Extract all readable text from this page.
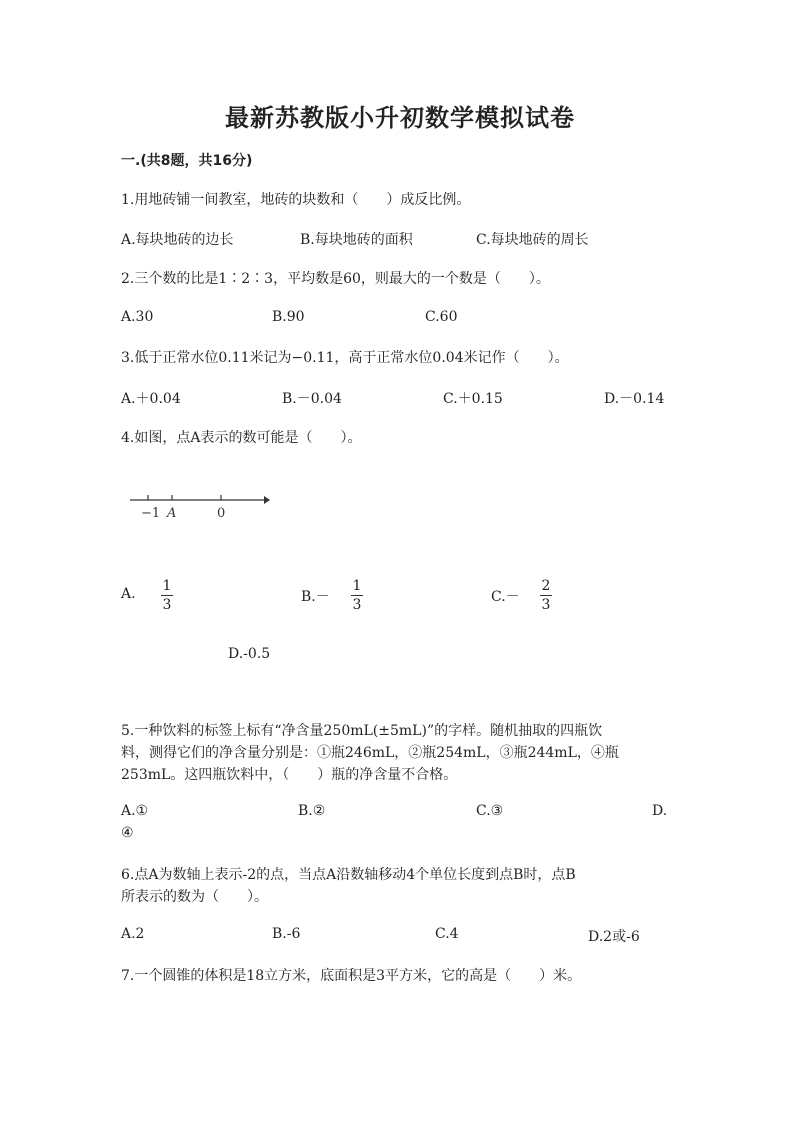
最新苏教版小升初数学模拟试卷
一.(共8题，共16分)
1.用地砖铺一间教室，地砖的块数和（　　）成反比例。
A.每块地砖的边长	B.每块地砖的面积	C.每块地砖的周长
2.三个数的比是1∶2∶3，平均数是60，则最大的一个数是（　　）。
A.30	B.90	C.60
3.低于正常水位0.11米记为−0.11，高于正常水位0.04米记作（　　）。
A.＋0.04	B.－0.04	C.＋0.15	D.－0.14
4.如图，点A表示的数可能是（　　）。
−1 A	0
A. 1
3	B.－
1
3	C.－
2
3
D.-0.5
5.一种饮料的标签上标有“净含量250mL(±5mL)”的字样。随机抽取的四瓶饮
料，测得它们的净含量分别是：①瓶246mL，②瓶254mL，③瓶244mL，④瓶
253mL。这四瓶饮料中，（　　）瓶的净含量不合格。
A.①	B.②	C.③	D.
④
6.点A为数轴上表示-2的点，当点A沿数轴移动4个单位长度到点B时，点B
所表示的数为（　　）。
A.2	B.-6	C.4	D.2或-6
7.一个圆锥的体积是18立方米，底面积是3平方米，它的高是（　　）米。
